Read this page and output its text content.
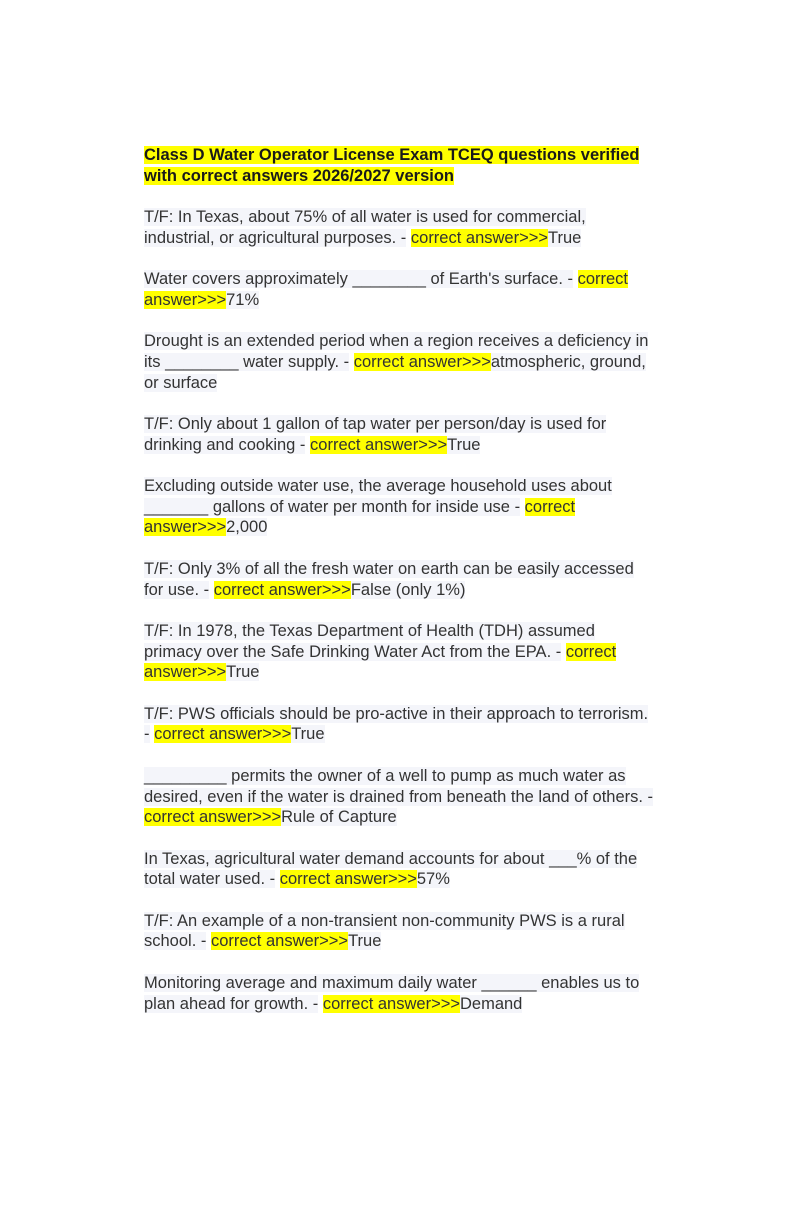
Class D Water Operator License Exam TCEQ questions verified with correct answers 2026/2027 version

T/F: In Texas, about 75% of all water is used for commercial, industrial, or agricultural purposes. - correct answer>>>True

Water covers approximately ________ of Earth's surface. - correct answer>>>71%

Drought is an extended period when a region receives a deficiency in its ________ water supply. - correct answer>>>atmospheric, ground, or surface

T/F: Only about 1 gallon of tap water per person/day is used for drinking and cooking - correct answer>>>True

Excluding outside water use, the average household uses about _______ gallons of water per month for inside use - correct answer>>>2,000

T/F: Only 3% of all the fresh water on earth can be easily accessed for use. - correct answer>>>False (only 1%)

T/F: In 1978, the Texas Department of Health (TDH) assumed primacy over the Safe Drinking Water Act from the EPA. - correct answer>>>True

T/F: PWS officials should be pro-active in their approach to terrorism. - correct answer>>>True

_________ permits the owner of a well to pump as much water as desired, even if the water is drained from beneath the land of others. - correct answer>>>Rule of Capture

In Texas, agricultural water demand accounts for about ___% of the total water used. - correct answer>>>57%

T/F: An example of a non-transient non-community PWS is a rural school. - correct answer>>>True

Monitoring average and maximum daily water ______ enables us to plan ahead for growth. - correct answer>>>Demand
